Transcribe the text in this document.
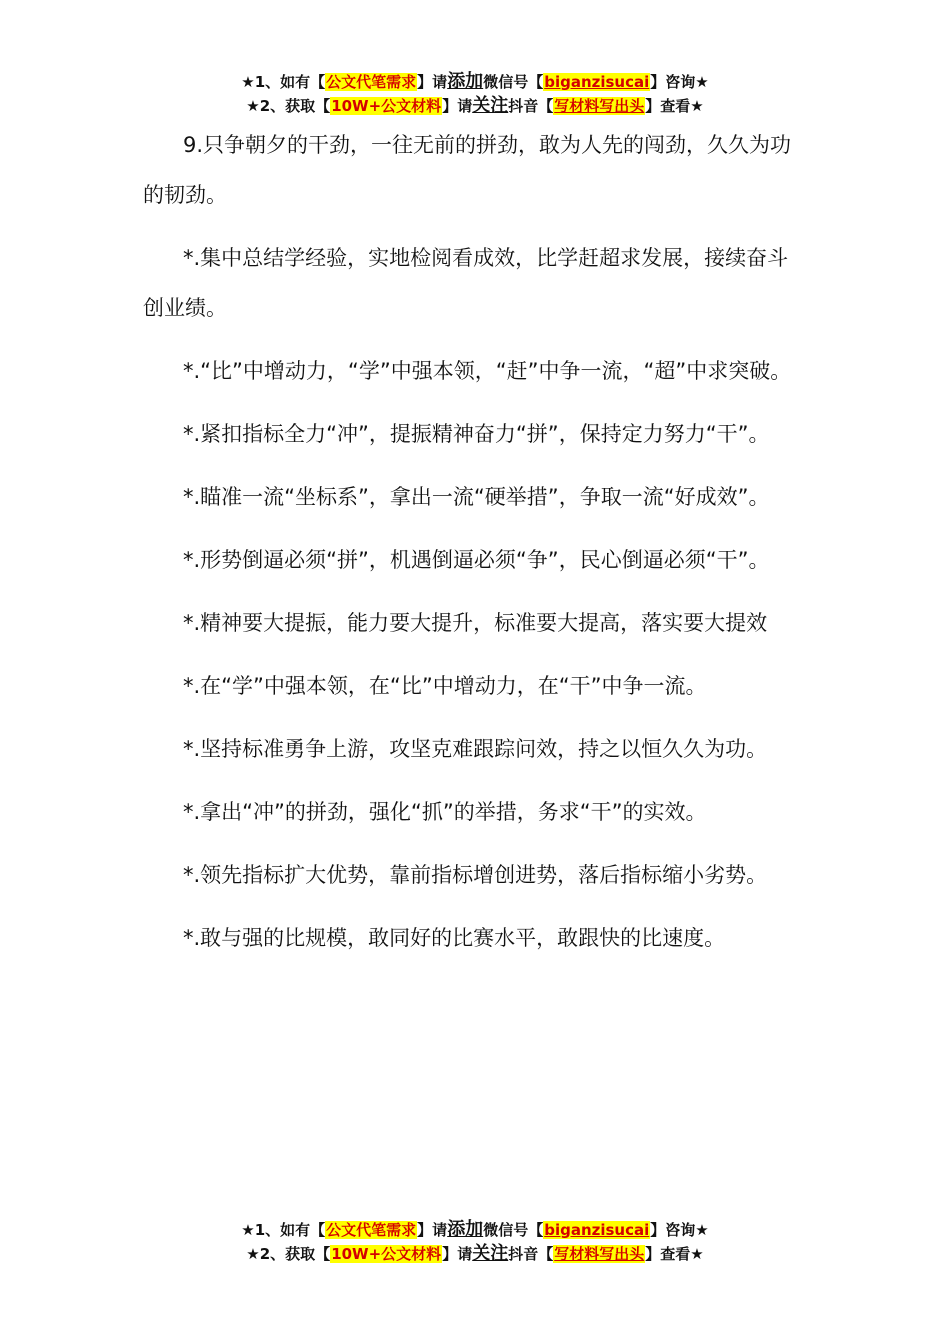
★1、如有【公文代笔需求】请添加微信号【biganzisucai】咨询★
★2、获取【10W+公文材料】请关注抖音【写材料写出头】查看★

9.只争朝夕的干劲，一往无前的拼劲，敢为人先的闯劲，久久为功的韧劲。

*.集中总结学经验，实地检阅看成效，比学赶超求发展，接续奋斗创业绩。

*.“比”中增动力，“学”中强本领，“赶”中争一流，“超”中求突破。

*.紧扣指标全力“冲”，提振精神奋力“拼”，保持定力努力“干”。

*.瞄准一流“坐标系”，拿出一流“硬举措”，争取一流“好成效”。

*.形势倒逼必须“拼”，机遇倒逼必须“争”，民心倒逼必须“干”。

*.精神要大提振，能力要大提升，标准要大提高，落实要大提效

*.在“学”中强本领，在“比”中增动力，在“干”中争一流。

*.坚持标准勇争上游，攻坚克难跟踪问效，持之以恒久久为功。

*.拿出“冲”的拼劲，强化“抓”的举措，务求“干”的实效。

*.领先指标扩大优势，靠前指标增创进势，落后指标缩小劣势。

*.敢与强的比规模，敢同好的比赛水平，敢跟快的比速度。

★1、如有【公文代笔需求】请添加微信号【biganzisucai】咨询★
★2、获取【10W+公文材料】请关注抖音【写材料写出头】查看★
